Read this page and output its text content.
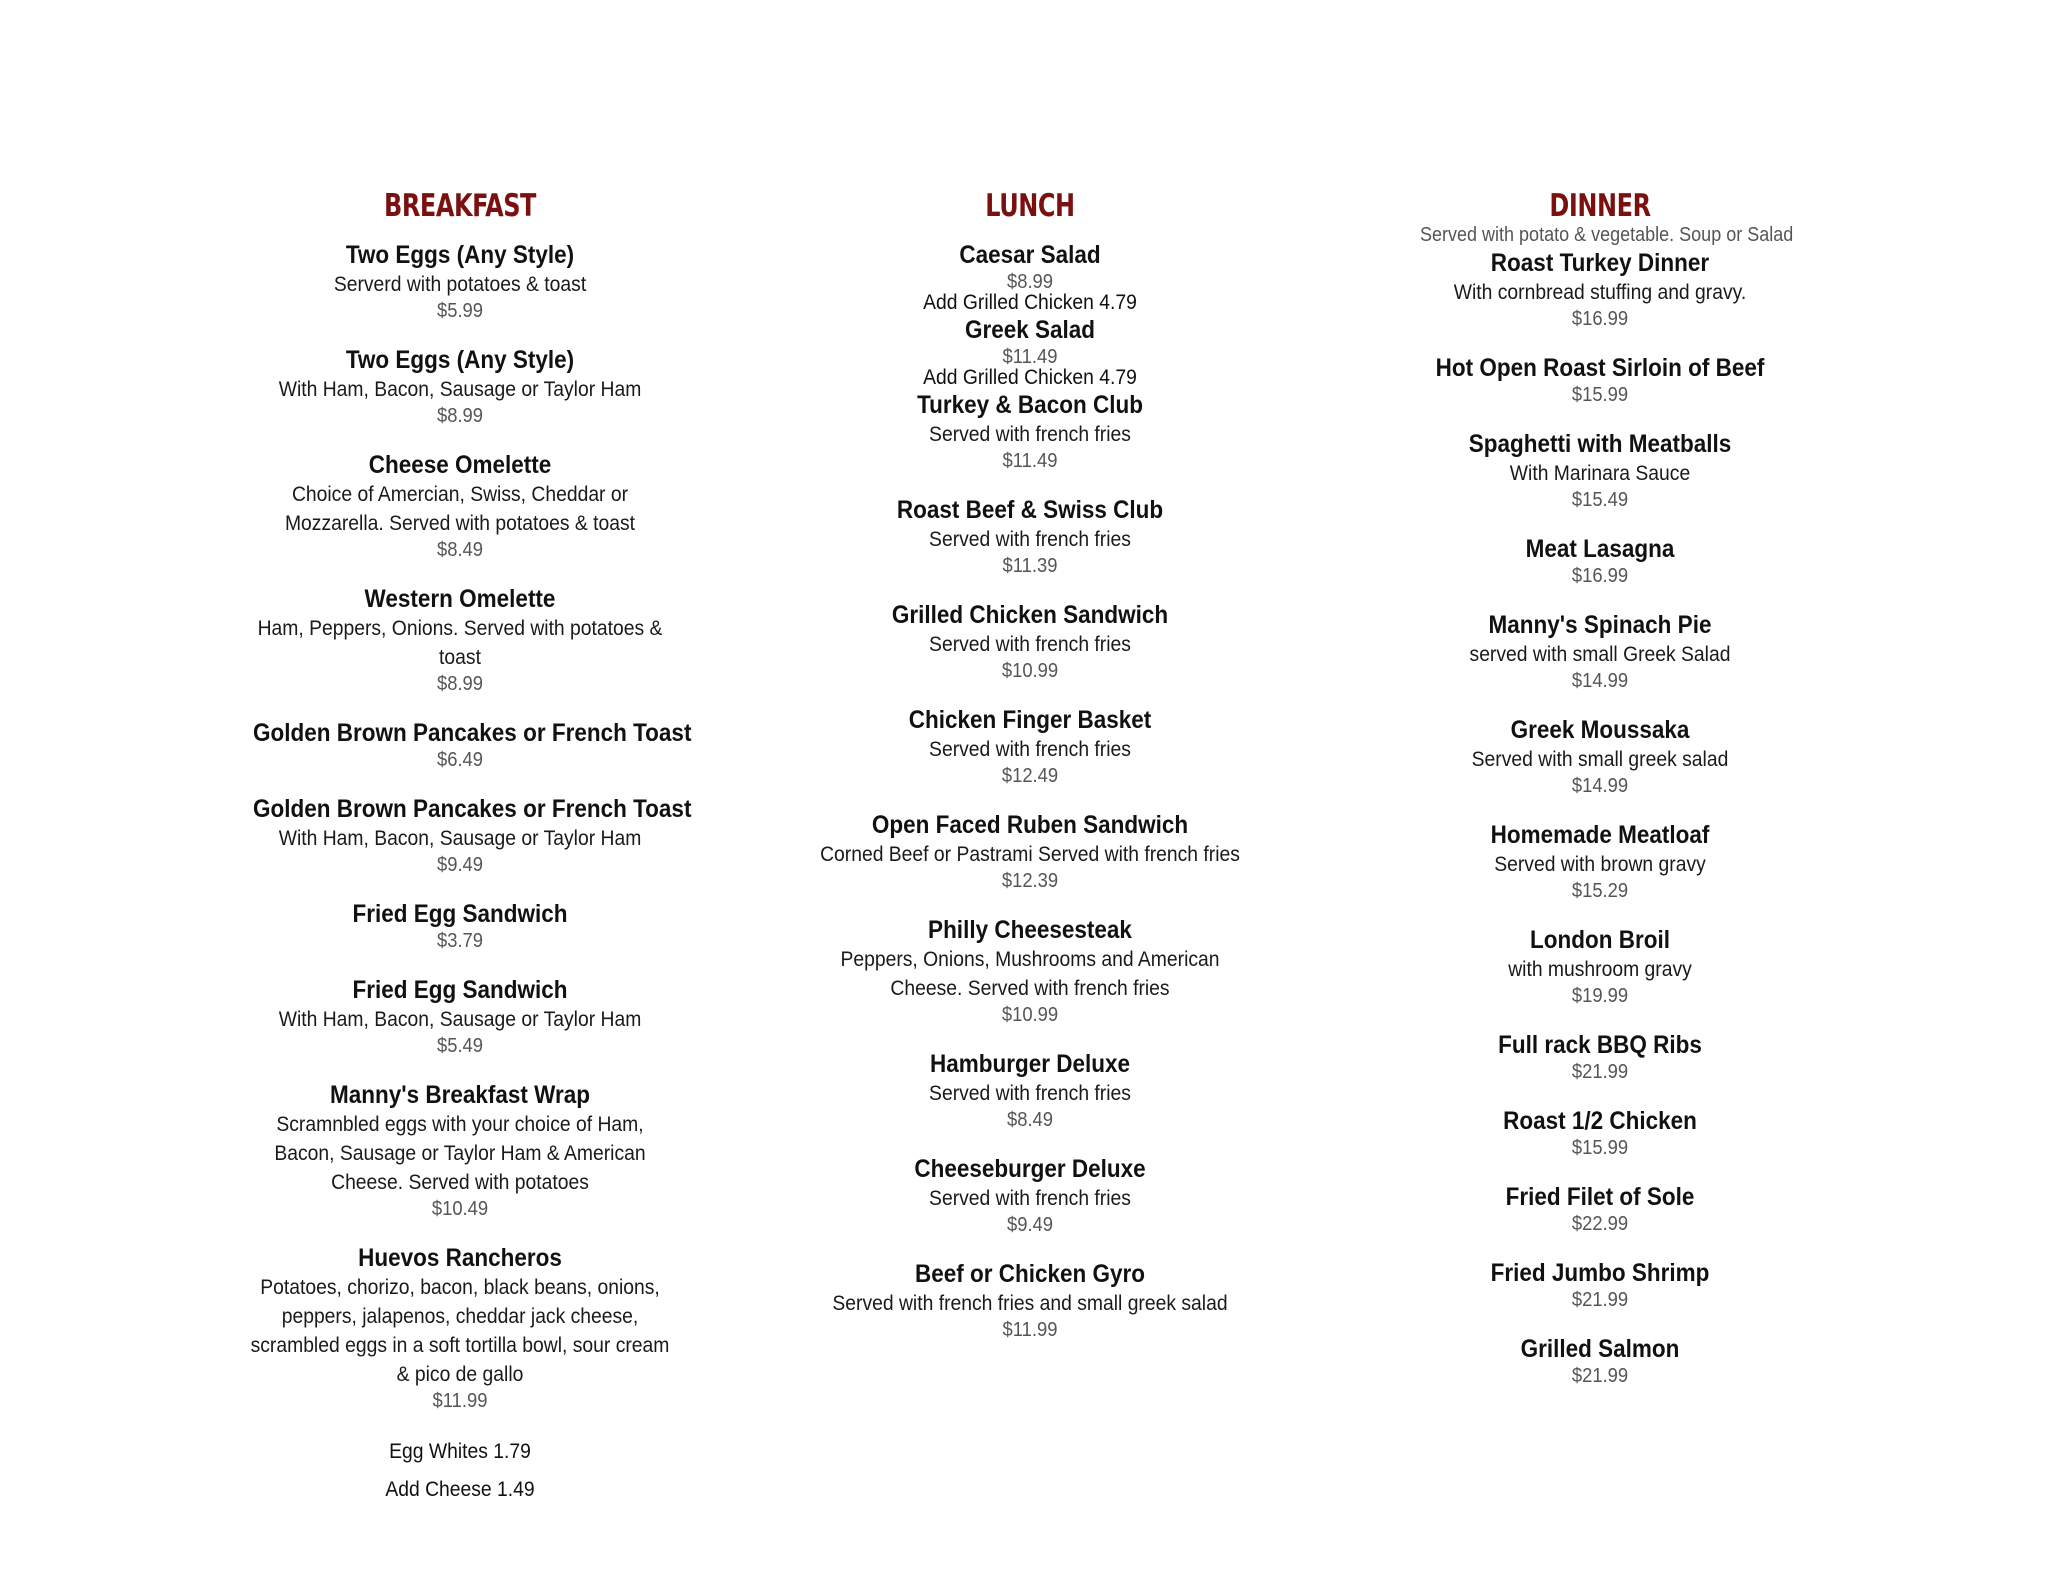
BREAKFAST
Two Eggs (Any Style)
Serverd with potatoes & toast
$5.99
Two Eggs (Any Style)
With Ham, Bacon, Sausage or Taylor Ham
$8.99
Cheese Omelette
Choice of Amercian, Swiss, Cheddar or Mozzarella. Served with potatoes & toast
$8.49
Western Omelette
Ham, Peppers, Onions. Served with potatoes & toast
$8.99
Golden Brown Pancakes or French Toast
$6.49
Golden Brown Pancakes or French Toast
With Ham, Bacon, Sausage or Taylor Ham
$9.49
Fried Egg Sandwich
$3.79
Fried Egg Sandwich
With Ham, Bacon, Sausage or Taylor Ham
$5.49
Manny's Breakfast Wrap
Scramnbled eggs with your choice of Ham, Bacon, Sausage or Taylor Ham & American Cheese. Served with potatoes
$10.49
Huevos Rancheros
Potatoes, chorizo, bacon, black beans, onions, peppers, jalapenos, cheddar jack cheese, scrambled eggs in a soft tortilla bowl, sour cream & pico de gallo
$11.99
Egg Whites 1.79
Add Cheese 1.49
LUNCH
Caesar Salad
$8.99
Add Grilled Chicken 4.79
Greek Salad
$11.49
Add Grilled Chicken 4.79
Turkey & Bacon Club
Served with french fries
$11.49
Roast Beef & Swiss Club
Served with french fries
$11.39
Grilled Chicken Sandwich
Served with french fries
$10.99
Chicken Finger Basket
Served with french fries
$12.49
Open Faced Ruben Sandwich
Corned Beef or Pastrami Served with french fries
$12.39
Philly Cheesesteak
Peppers, Onions, Mushrooms and American Cheese. Served with french fries
$10.99
Hamburger Deluxe
Served with french fries
$8.49
Cheeseburger Deluxe
Served with french fries
$9.49
Beef or Chicken Gyro
Served with french fries and small greek salad
$11.99
DINNER
Served with potato & vegetable. Soup or Salad
Roast Turkey Dinner
With cornbread stuffing and gravy.
$16.99
Hot Open Roast Sirloin of Beef
$15.99
Spaghetti with Meatballs
With Marinara Sauce
$15.49
Meat Lasagna
$16.99
Manny's Spinach Pie
served with small Greek Salad
$14.99
Greek Moussaka
Served with small greek salad
$14.99
Homemade Meatloaf
Served with brown gravy
$15.29
London Broil
with mushroom gravy
$19.99
Full rack BBQ Ribs
$21.99
Roast 1/2 Chicken
$15.99
Fried Filet of Sole
$22.99
Fried Jumbo Shrimp
$21.99
Grilled Salmon
$21.99
